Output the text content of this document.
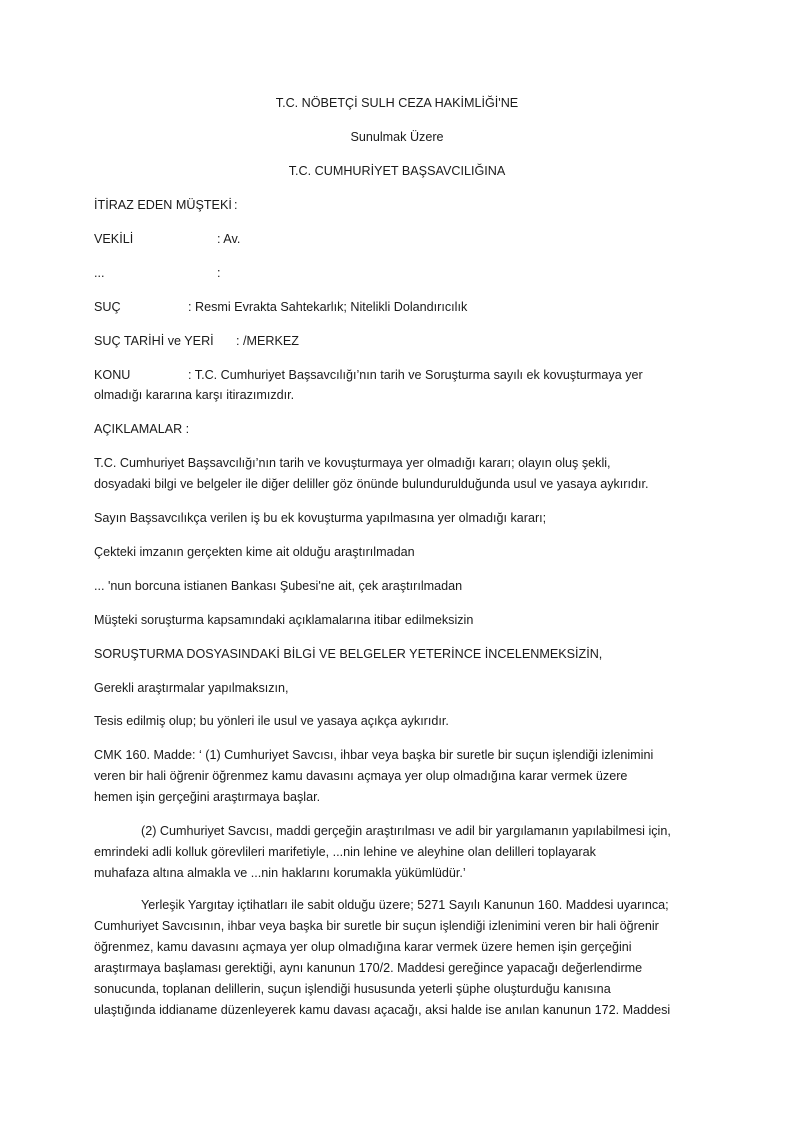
T.C. NÖBETÇİ SULH CEZA HAKİMLİĞİ'NE
Sunulmak Üzere
T.C. CUMHURİYET BAŞSAVCILIĞINA
İTİRAZ EDEN MÜŞTEKİ :
VEKİLİ	: Av.
...	:
SUÇ	: Resmi Evrakta Sahtekarlık; Nitelikli Dolandırıcılık
SUÇ TARİHİ ve YERİ : /MERKEZ
KONU	: T.C. Cumhuriyet Başsavcılığı’nın tarih ve Soruşturma sayılı ek kovuşturmaya yer
olmadığı kararına karşı itirazımızdır.
AÇIKLAMALAR :
T.C. Cumhuriyet Başsavcılığı’nın tarih ve kovuşturmaya yer olmadığı kararı; olayın oluş şekli,
dosyadaki bilgi ve belgeler ile diğer deliller göz önünde bulundurulduğunda usul ve yasaya aykırıdır.
Sayın Başsavcılıkça verilen iş bu ek kovuşturma yapılmasına yer olmadığı kararı;
Çekteki imzanın gerçekten kime ait olduğu araştırılmadan
... 'nun borcuna istianen Bankası Şubesi'ne ait, çek araştırılmadan
Müşteki soruşturma kapsamındaki açıklamalarına itibar edilmeksizin
SORUŞTURMA DOSYASINDAKİ BİLGİ VE BELGELER YETERİNCE İNCELENMEKSİZİN,
Gerekli araştırmalar yapılmaksızın,
Tesis edilmiş olup; bu yönleri ile usul ve yasaya açıkça aykırıdır.
CMK 160. Madde: ‘ (1) Cumhuriyet Savcısı, ihbar veya başka bir suretle bir suçun işlendiği izlenimini
veren bir hali öğrenir öğrenmez kamu davasını açmaya yer olup olmadığına karar vermek üzere
hemen işin gerçeğini araştırmaya başlar.
(2) Cumhuriyet Savcısı, maddi gerçeğin araştırılması ve adil bir yargılamanın yapılabilmesi için,
emrindeki adli kolluk görevlileri marifetiyle, ...nin lehine ve aleyhine olan delilleri toplayarak
muhafaza altına almakla ve ...nin haklarını korumakla yükümlüdür.’
Yerleşik Yargıtay içtihatları ile sabit olduğu üzere; 5271 Sayılı Kanunun 160. Maddesi uyarınca;
Cumhuriyet Savcısının, ihbar veya başka bir suretle bir suçun işlendiği izlenimini veren bir hali öğrenir
öğrenmez, kamu davasını açmaya yer olup olmadığına karar vermek üzere hemen işin gerçeğini
araştırmaya başlaması gerektiği, aynı kanunun 170/2. Maddesi gereğince yapacağı değerlendirme
sonucunda, toplanan delillerin, suçun işlendiği hususunda yeterli şüphe oluşturduğu kanısına
ulaştığında iddianame düzenleyerek kamu davası açacağı, aksi halde ise anılan kanunun 172. Maddesi
